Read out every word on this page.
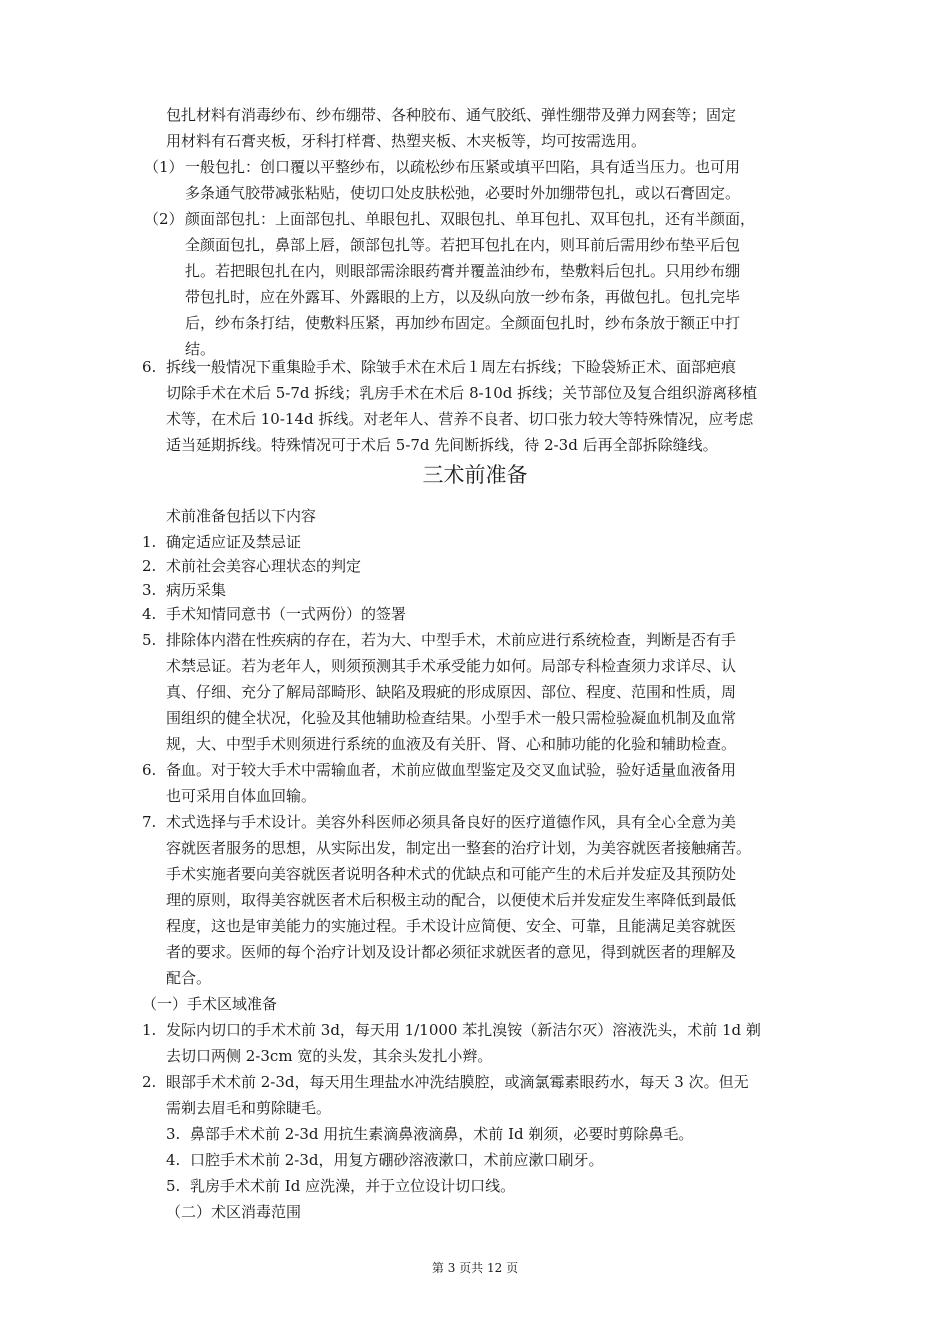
包扎材料有消毒纱布、纱布绷带、各种胶布、通气胶纸、弹性绷带及弹力网套等；固定
用材料有石膏夹板，牙科打样膏、热塑夹板、木夹板等，均可按需选用。
（1） 一般包扎：创口覆以平整纱布，以疏松纱布压紧或填平凹陷，具有适当压力。也可用
多条通气胶带减张粘贴，使切口处皮肤松弛，必要时外加绷带包扎，或以石膏固定。
（2） 颜面部包扎：上面部包扎、单眼包扎、双眼包扎、单耳包扎、双耳包扎，还有半颜面，
全颜面包扎，鼻部上唇，颌部包扎等。若把耳包扎在内，则耳前后需用纱布垫平后包
扎。若把眼包扎在内，则眼部需涂眼药膏并覆盖油纱布，垫敷料后包扎。只用纱布绷
带包扎时，应在外露耳、外露眼的上方，以及纵向放一纱布条，再做包扎。包扎完毕
后，纱布条打结，使敷料压紧，再加纱布固定。全颜面包扎时，纱布条放于额正中打
结。
6. 拆线一般情况下重集睑手术、除皱手术在术后１周左右拆线；下睑袋矫正术、面部疤痕
切除手术在术后 5-7d 拆线；乳房手术在术后 8-10d 拆线；关节部位及复合组织游离移植
术等，在术后 10-14d 拆线。对老年人、营养不良者、切口张力较大等特殊情况，应考虑
适当延期拆线。特殊情况可于术后 5-7d 先间断拆线，待 2-3d 后再全部拆除缝线。
三术前准备
术前准备包括以下内容
1. 确定适应证及禁忌证
2. 术前社会美容心理状态的判定
3. 病历采集
4. 手术知情同意书（一式两份）的签署
5. 排除体内潜在性疾病的存在，若为大、中型手术，术前应进行系统检查，判断是否有手
术禁忌证。若为老年人，则须预测其手术承受能力如何。局部专科检查须力求详尽、认
真、仔细、充分了解局部畸形、缺陷及瑕疵的形成原因、部位、程度、范围和性质，周
围组织的健全状况，化验及其他辅助检查结果。小型手术一般只需检验凝血机制及血常
规，大、中型手术则须进行系统的血液及有关肝、肾、心和肺功能的化验和辅助检查。
6. 备血。对于较大手术中需输血者，术前应做血型鉴定及交叉血试验，验好适量血液备用
也可采用自体血回输。
7. 术式选择与手术设计。美容外科医师必须具备良好的医疗道德作风，具有全心全意为美
容就医者服务的思想，从实际出发，制定出一整套的治疗计划，为美容就医者接触痛苦。
手术实施者要向美容就医者说明各种术式的优缺点和可能产生的术后并发症及其预防处
理的原则，取得美容就医者术后积极主动的配合，以便使术后并发症发生率降低到最低
程度，这也是审美能力的实施过程。手术设计应简便、安全、可靠，且能满足美容就医
者的要求。医师的每个治疗计划及设计都必须征求就医者的意见，得到就医者的理解及
配合。
（一）手术区域准备
1. 发际内切口的手术术前 3d，每天用 1/1000 苯扎溴铵（新洁尔灭）溶液洗头，术前 1d 剃
去切口两侧 2-3cm 宽的头发，其余头发扎小辫。
2. 眼部手术术前 2-3d，每天用生理盐水冲洗结膜腔，或滴氯霉素眼药水，每天 3 次。但无
需剃去眉毛和剪除睫毛。
3. 鼻部手术术前 2-3d 用抗生素滴鼻液滴鼻，术前 Id 剃须，必要时剪除鼻毛。
4. 口腔手术术前 2-3d，用复方硼砂溶液漱口，术前应漱口刷牙。
5. 乳房手术术前 Id 应洗澡，并于立位设计切口线。
（二）术区消毒范围
第 3 页共 12 页
